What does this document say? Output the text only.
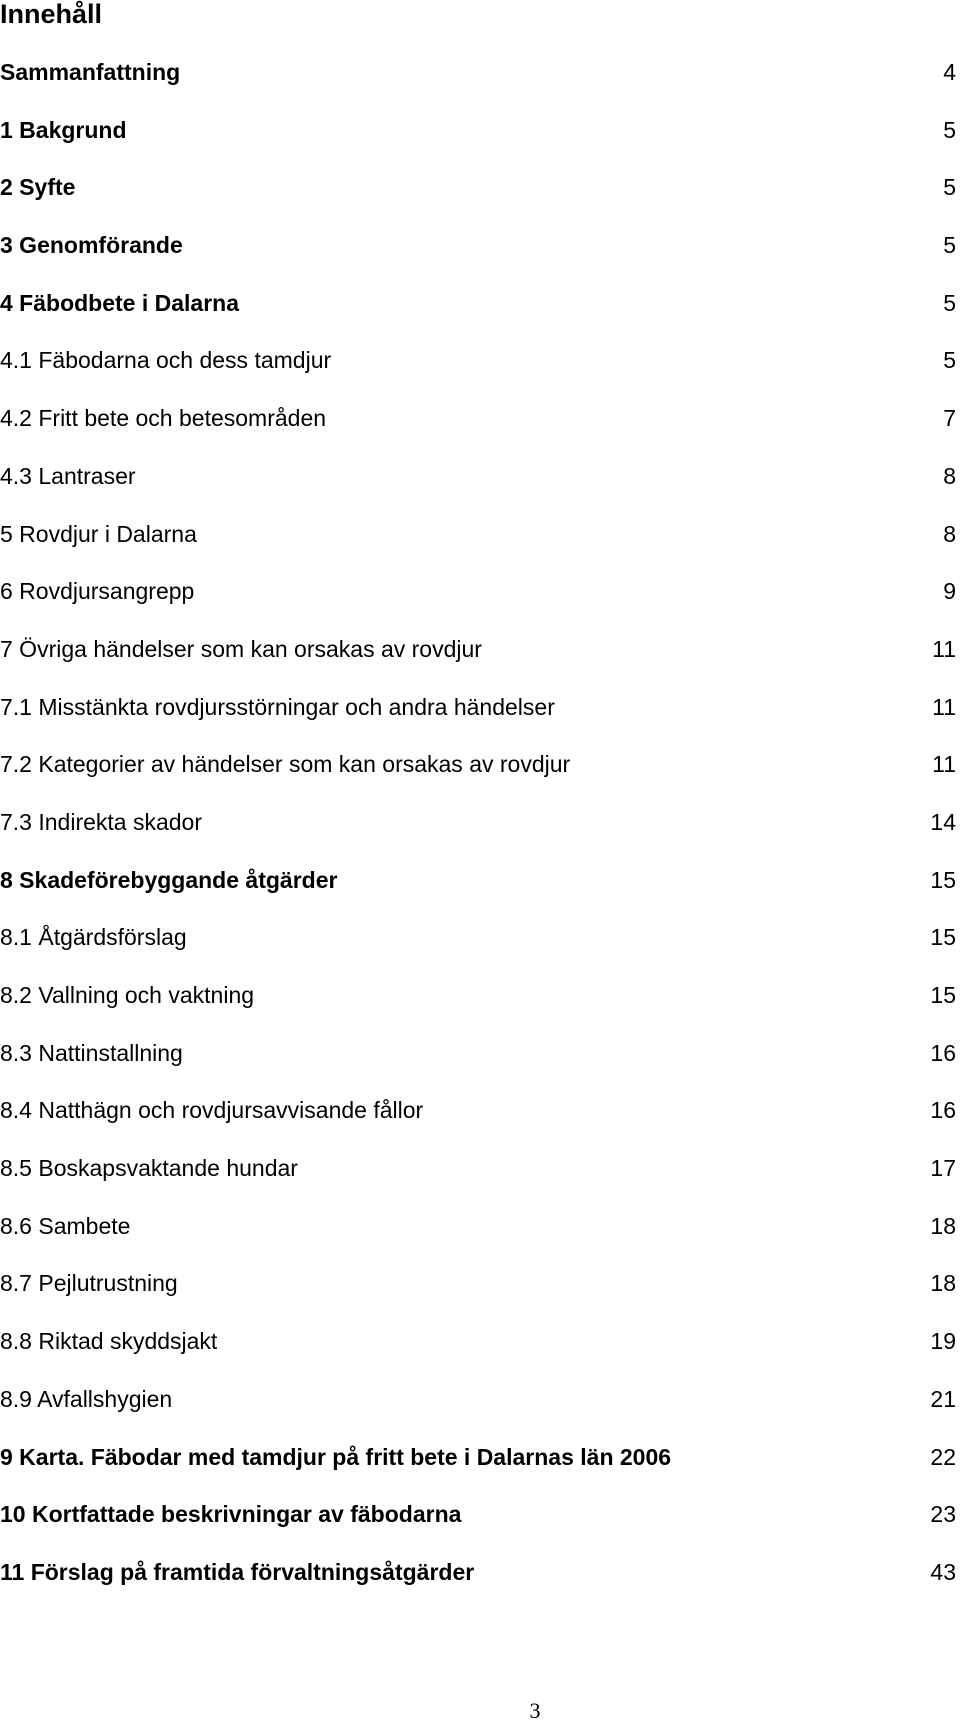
Innehåll
Sammanfattning	4
1 Bakgrund	5
2 Syfte	5
3 Genomförande	5
4 Fäbodbete i Dalarna	5
4.1 Fäbodarna och dess tamdjur	5
4.2 Fritt bete och betesområden	7
4.3 Lantraser	8
5 Rovdjur i Dalarna	8
6 Rovdjursangrepp	9
7 Övriga händelser som kan orsakas av rovdjur	11
7.1 Misstänkta rovdjursstörningar och andra händelser	11
7.2 Kategorier av händelser som kan orsakas av rovdjur	11
7.3 Indirekta skador	14
8 Skadeförebyggande åtgärder	15
8.1 Åtgärdsförslag	15
8.2 Vallning och vaktning	15
8.3 Nattinstallning	16
8.4 Natthägn och rovdjursavvisande fållor	16
8.5 Boskapsvaktande hundar	17
8.6 Sambete	18
8.7 Pejlutrustning	18
8.8 Riktad skyddsjakt	19
8.9 Avfallshygien	21
9 Karta. Fäbodar med tamdjur på fritt bete i Dalarnas län 2006	22
10 Kortfattade beskrivningar av fäbodarna	23
11 Förslag på framtida förvaltningsåtgärder	43
3
